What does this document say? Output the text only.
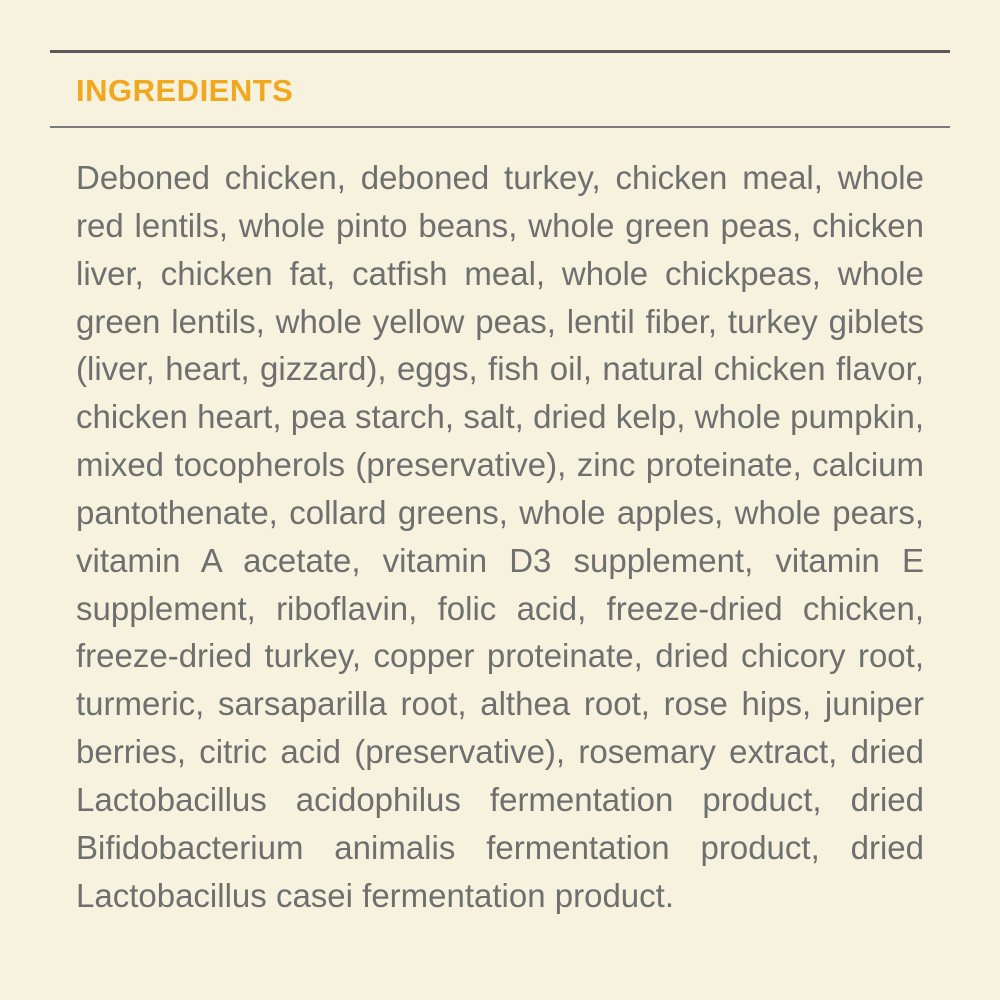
INGREDIENTS

Deboned chicken, deboned turkey, chicken meal, whole red lentils, whole pinto beans, whole green peas, chicken liver, chicken fat, catfish meal, whole chickpeas, whole green lentils, whole yellow peas, lentil fiber, turkey giblets (liver, heart, gizzard), eggs, fish oil, natural chicken flavor, chicken heart, pea starch, salt, dried kelp, whole pumpkin, mixed tocopherols (preservative), zinc proteinate, calcium pantothenate, collard greens, whole apples, whole pears, vitamin A acetate, vitamin D3 supplement, vitamin E supplement, riboflavin, folic acid, freeze-dried chicken, freeze-dried turkey, copper proteinate, dried chicory root, turmeric, sarsaparilla root, althea root, rose hips, juniper berries, citric acid (preservative), rosemary extract, dried Lactobacillus acidophilus fermentation product, dried Bifidobacterium animalis fermentation product, dried Lactobacillus casei fermentation product.
